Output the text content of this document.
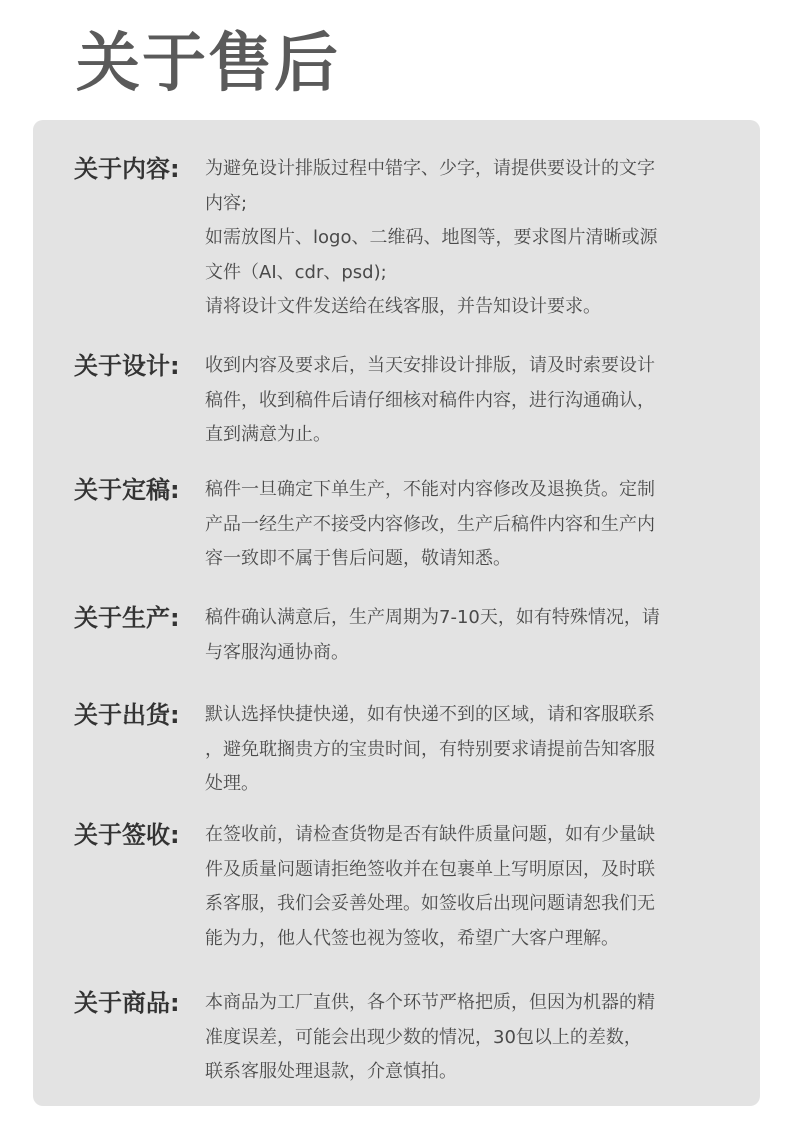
关于售后
关于内容: 为避免设计排版过程中错字、少字，请提供要设计的文字
内容;
如需放图片、logo、二维码、地图等，要求图片清晰或源
文件（AI、cdr、psd);
请将设计文件发送给在线客服，并告知设计要求。

关于设计: 收到内容及要求后，当天安排设计排版，请及时索要设计
稿件，收到稿件后请仔细核对稿件内容，进行沟通确认，
直到满意为止。

关于定稿: 稿件一旦确定下单生产，不能对内容修改及退换货。定制
产品一经生产不接受内容修改，生产后稿件内容和生产内
容一致即不属于售后问题，敬请知悉。

关于生产: 稿件确认满意后，生产周期为7-10天，如有特殊情况，请
与客服沟通协商。

关于出货: 默认选择快捷快递，如有快递不到的区域，请和客服联系
，避免耽搁贵方的宝贵时间，有特别要求请提前告知客服
处理。

关于签收: 在签收前，请检查货物是否有缺件质量问题，如有少量缺
件及质量问题请拒绝签收并在包裹单上写明原因，及时联
系客服，我们会妥善处理。如签收后出现问题请恕我们无
能为力，他人代签也视为签收，希望广大客户理解。

关于商品: 本商品为工厂直供，各个环节严格把质，但因为机器的精
准度误差，可能会出现少数的情况，30包以上的差数，
联系客服处理退款，介意慎拍。
